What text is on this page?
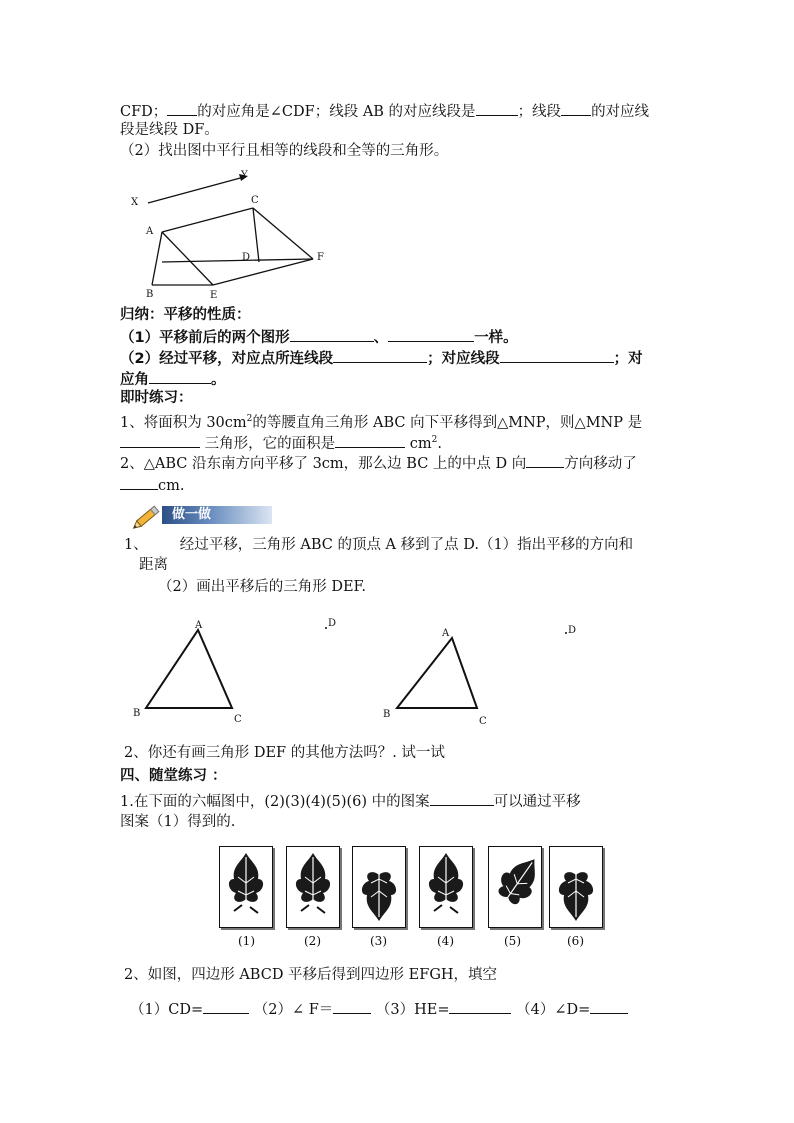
CFD； 的对应角是∠CDF；线段 AB 的对应线段是	；线段 的对应线
段是线段 DF。
（2）找出图中平行且相等的线段和全等的三角形。
X
Y
A
B
C
D
E
F
归纳：平移的性质：
（1）平移前后的两个图形	、	一样。
（2）经过平移，对应点所连线段	；对应线段	；对
应角	。
即时练习：
1、将面积为 $30cm^2$的等腰直角三角形 ABC 向下平移得到△MNP，则△MNP 是
三角形，它的面积是	$cm^2$.
2、△ABC 沿东南方向平移了 3cm，那么边 BC 上的中点 D 向	方向移动了
cm.
做一做
1、 经过平移，三角形 ABC 的顶点 A 移到了点 D.（1）指出平移的方向和
距离
（2）画出平移后的三角形 DEF.
A
B
C
D
A
B
C
D
2、你还有画三角形 DEF 的其他方法吗？. 试一试
四、随堂练习 ：
1.在下面的六幅图中，(2)(3)(4)(5)(6) 中的图案	可以通过平移
图案（1）得到的.
(1)	(2)	(3)	(4)	(5)	(6)
2、如图，四边形 ABCD 平移后得到四边形 EFGH，填空
（1）CD=	（2）∠ F＝	（3）HE=	（4）∠D=
